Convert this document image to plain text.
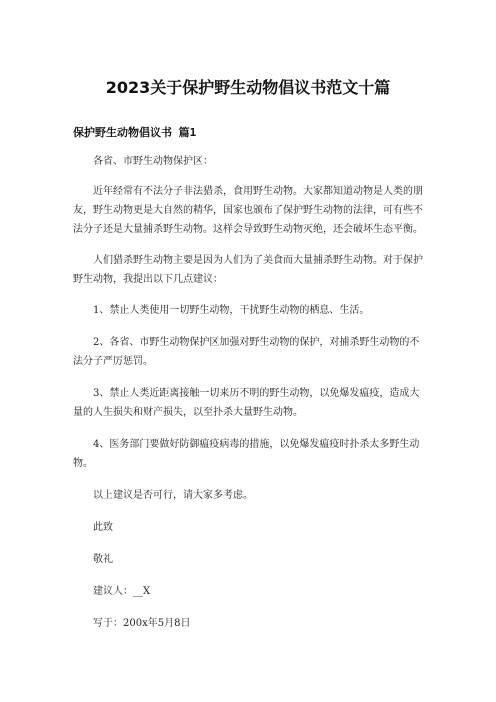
2023关于保护野生动物倡议书范文十篇
保护野生动物倡议书 篇1

各省、市野生动物保护区：

近年经常有不法分子非法猎杀，食用野生动物。大家都知道动物是人类的朋友，野生动物更是大自然的精华，国家也颁布了保护野生动物的法律，可有些不法分子还是大量捕杀野生动物。这样会导致野生动物灭绝，还会破坏生态平衡。

人们猎杀野生动物主要是因为人们为了美食而大量捕杀野生动物。对于保护野生动物，我提出以下几点建议：

1、禁止人类使用一切野生动物，干扰野生动物的栖息、生活。

2、各省、市野生动物保护区加强对野生动物的保护，对捕杀野生动物的不法分子严厉惩罚。

3、禁止人类近距离接触一切来历不明的野生动物，以免爆发瘟疫，造成大量的人生损失和财产损失，以至扑杀大量野生动物。

4、医务部门要做好防御瘟疫病毒的措施，以免爆发瘟疫时扑杀太多野生动物。

以上建议是否可行，请大家多考虑。

此致

敬礼

建议人：__X

写于：200x年5月8日
